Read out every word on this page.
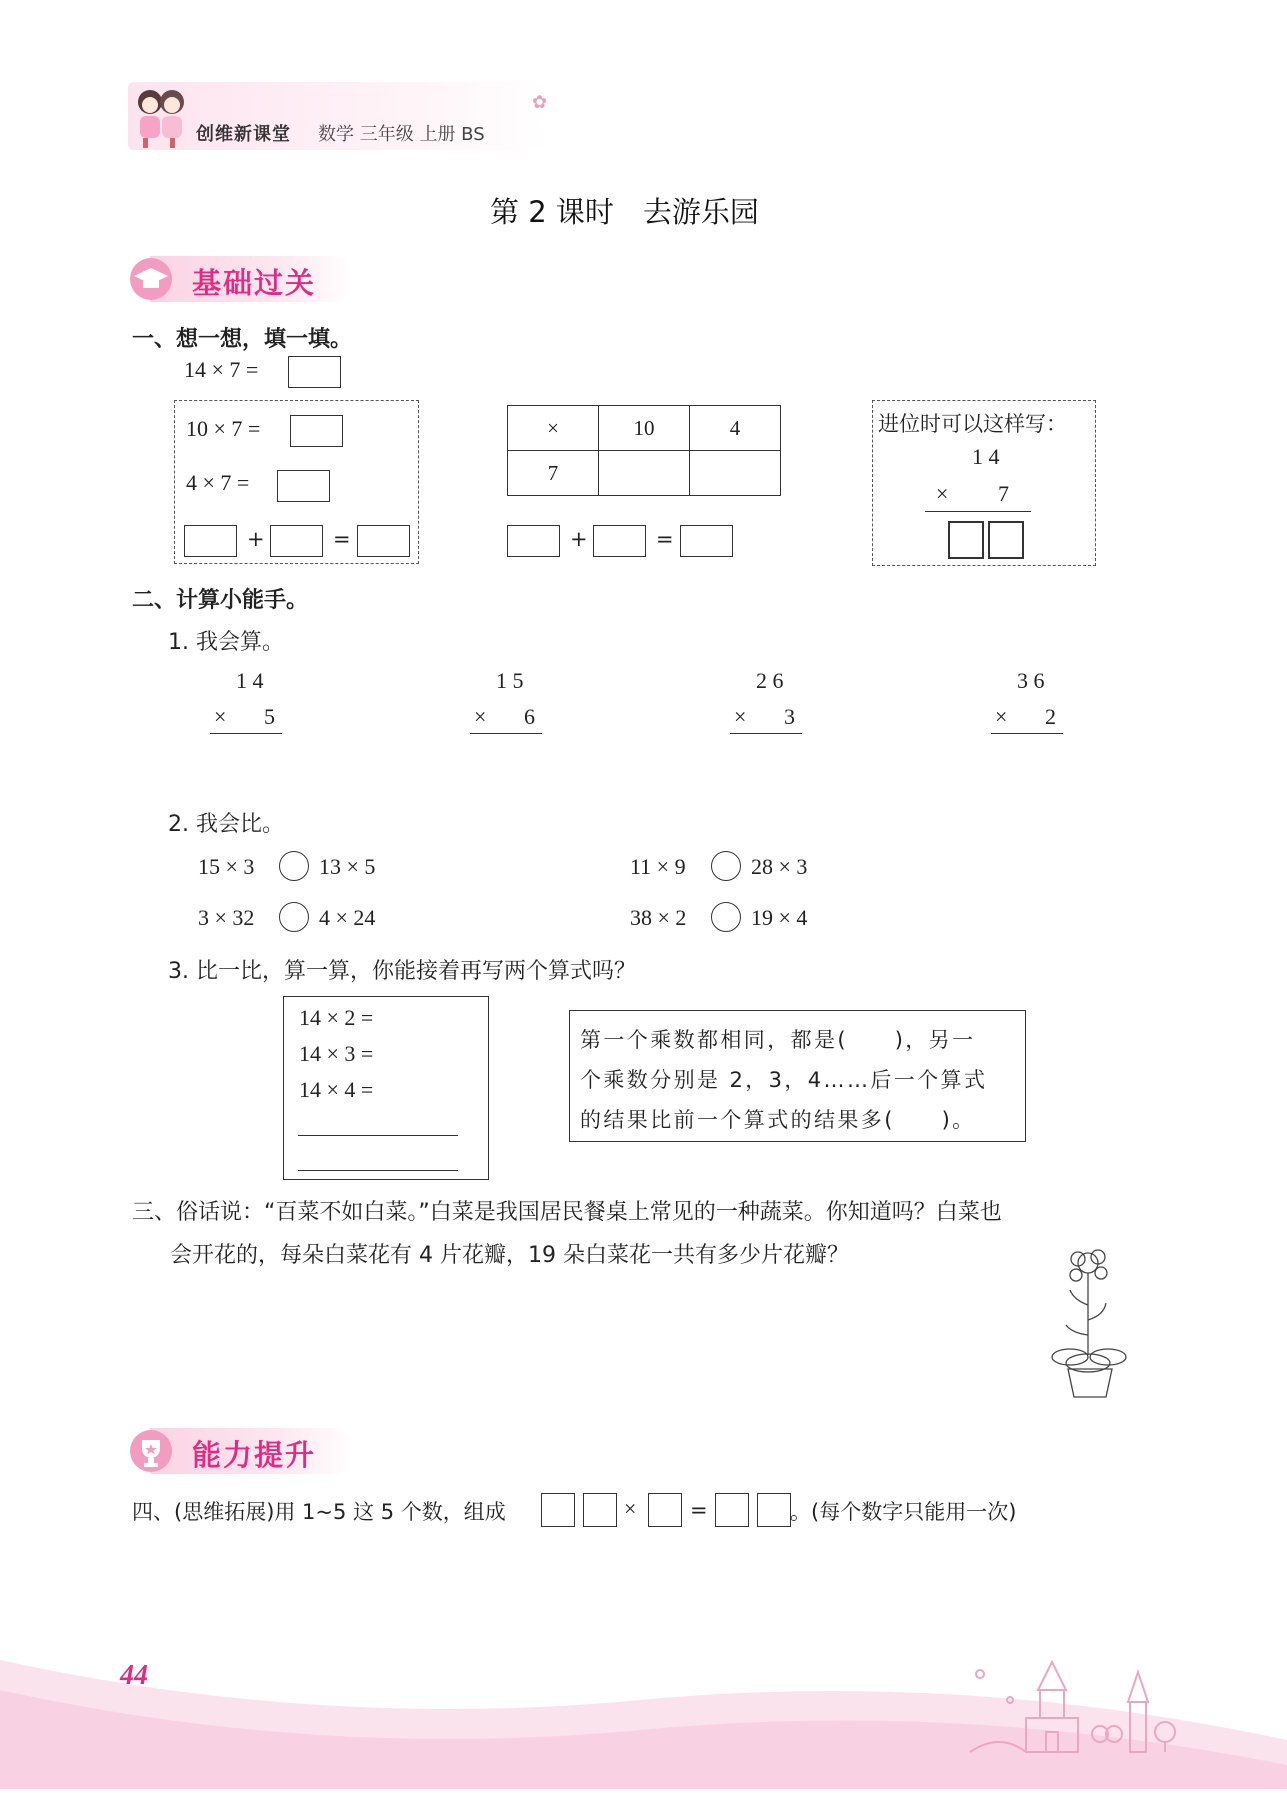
创维新课堂 数学 三年级 上册 BS
✿
第 2 课时　去游乐园
基础过关
一、想一想，填一填。
14 × 7 =
10 × 7 =
4 × 7 =
+	=
×	10	4
7		
+	=
进位时可以这样写：
1 4
× 7
二、计算小能手。
1. 我会算。
1 4
× 5
1 5
× 6
2 6
× 3
3 6
× 2
2. 我会比。
15 × 3	13 × 5	11 × 9	28 × 3
3 × 32	4 × 24	38 × 2	19 × 4
3. 比一比，算一算，你能接着再写两个算式吗？
14 × 2 =
14 × 3 =
14 × 4 =
第一个乘数都相同，都是(　　)，另一
个乘数分别是 2，3，4……后一个算式
的结果比前一个算式的结果多(　　)。
三、俗话说：“百菜不如白菜。”白菜是我国居民餐桌上常见的一种蔬菜。你知道吗？白菜也
会开花的，每朵白菜花有 4 片花瓣，19 朵白菜花一共有多少片花瓣？
能力提升
四、(思维拓展)用 1~5 这 5 个数，组成	×	=	。(每个数字只能用一次)
44
